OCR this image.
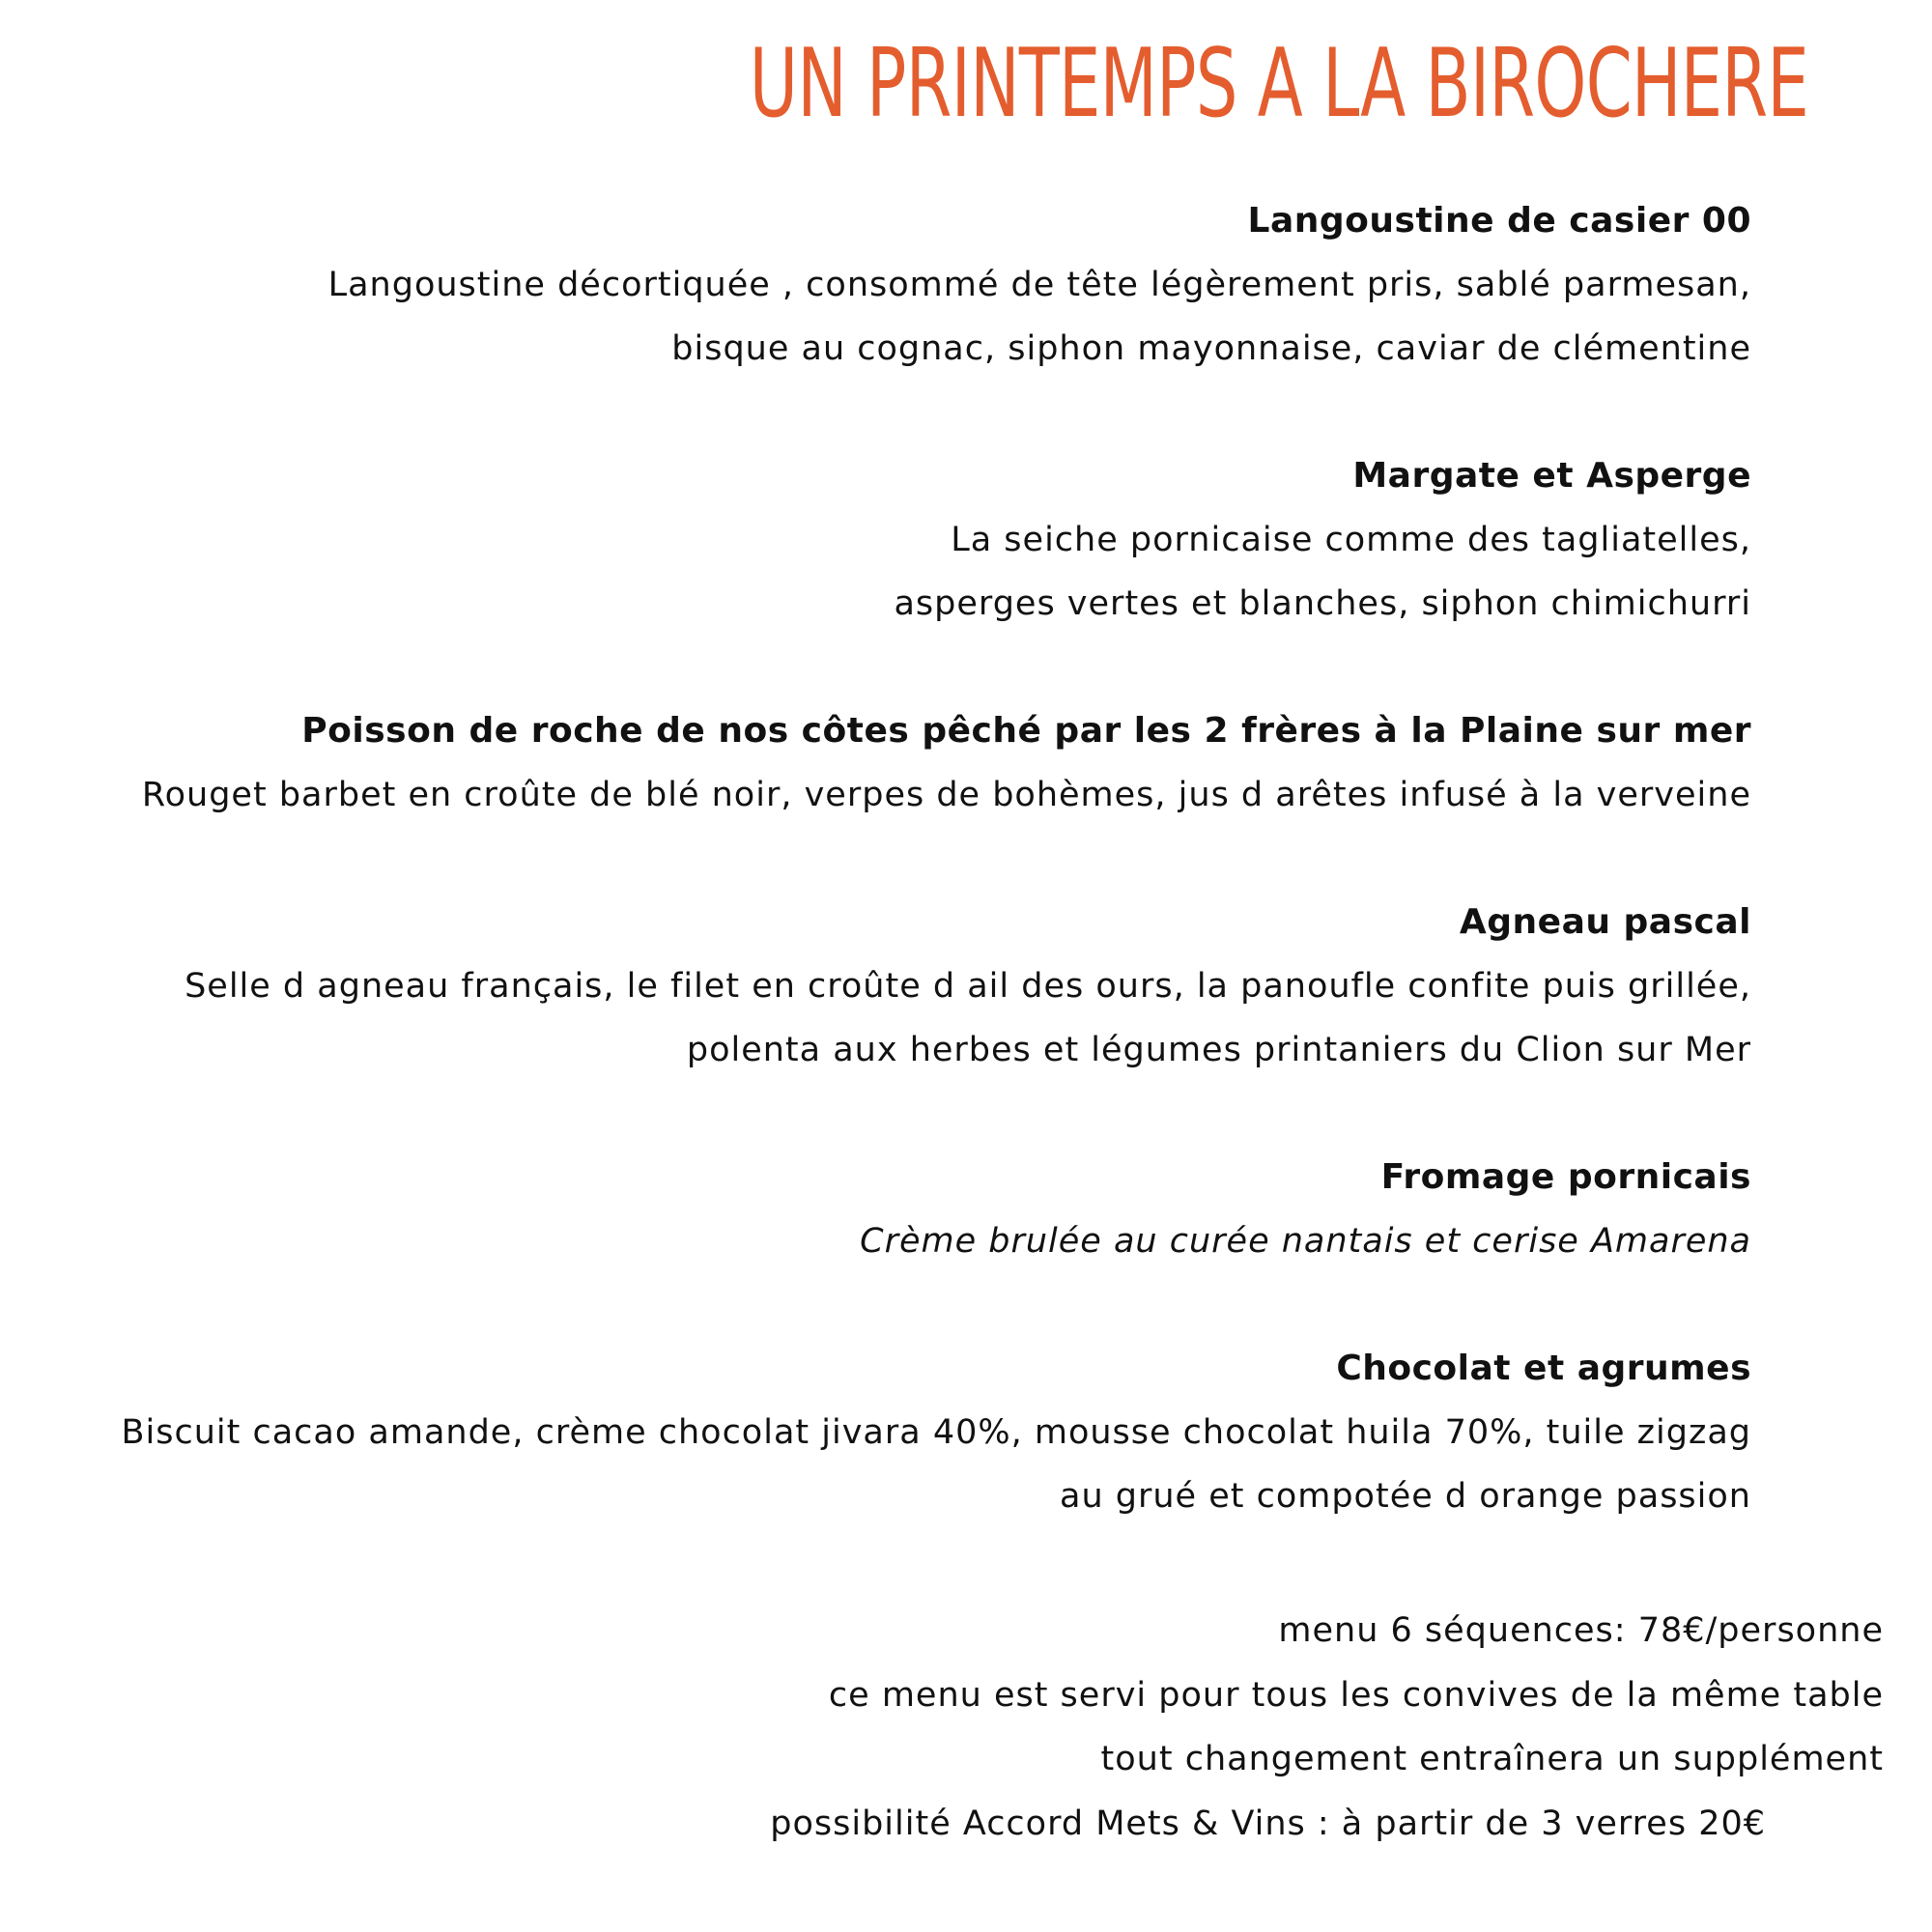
UN PRINTEMPS A LA BIROCHERE
Langoustine de casier 00
Langoustine décortiquée , consommé de tête légèrement pris, sablé parmesan,
bisque au cognac, siphon mayonnaise, caviar de clémentine
Margate et Asperge
La seiche pornicaise comme des tagliatelles,
asperges vertes et blanches, siphon chimichurri
Poisson de roche de nos côtes pêché par les 2 frères à la Plaine sur mer
Rouget barbet en croûte de blé noir, verpes de bohèmes, jus d arêtes infusé à la verveine
Agneau pascal
Selle d agneau français, le filet en croûte d ail des ours, la panoufle confite puis grillée,
polenta aux herbes et légumes printaniers du Clion sur Mer
Fromage pornicais
Crème brulée au curée nantais et cerise Amarena
Chocolat et agrumes
Biscuit cacao amande, crème chocolat jivara 40%, mousse chocolat huila 70%, tuile zigzag
au grué et compotée d orange passion
menu 6 séquences: 78€/personne
ce menu est servi pour tous les convives de la même table
tout changement entraînera un supplément
possibilité Accord Mets & Vins : à partir de 3 verres 20€
